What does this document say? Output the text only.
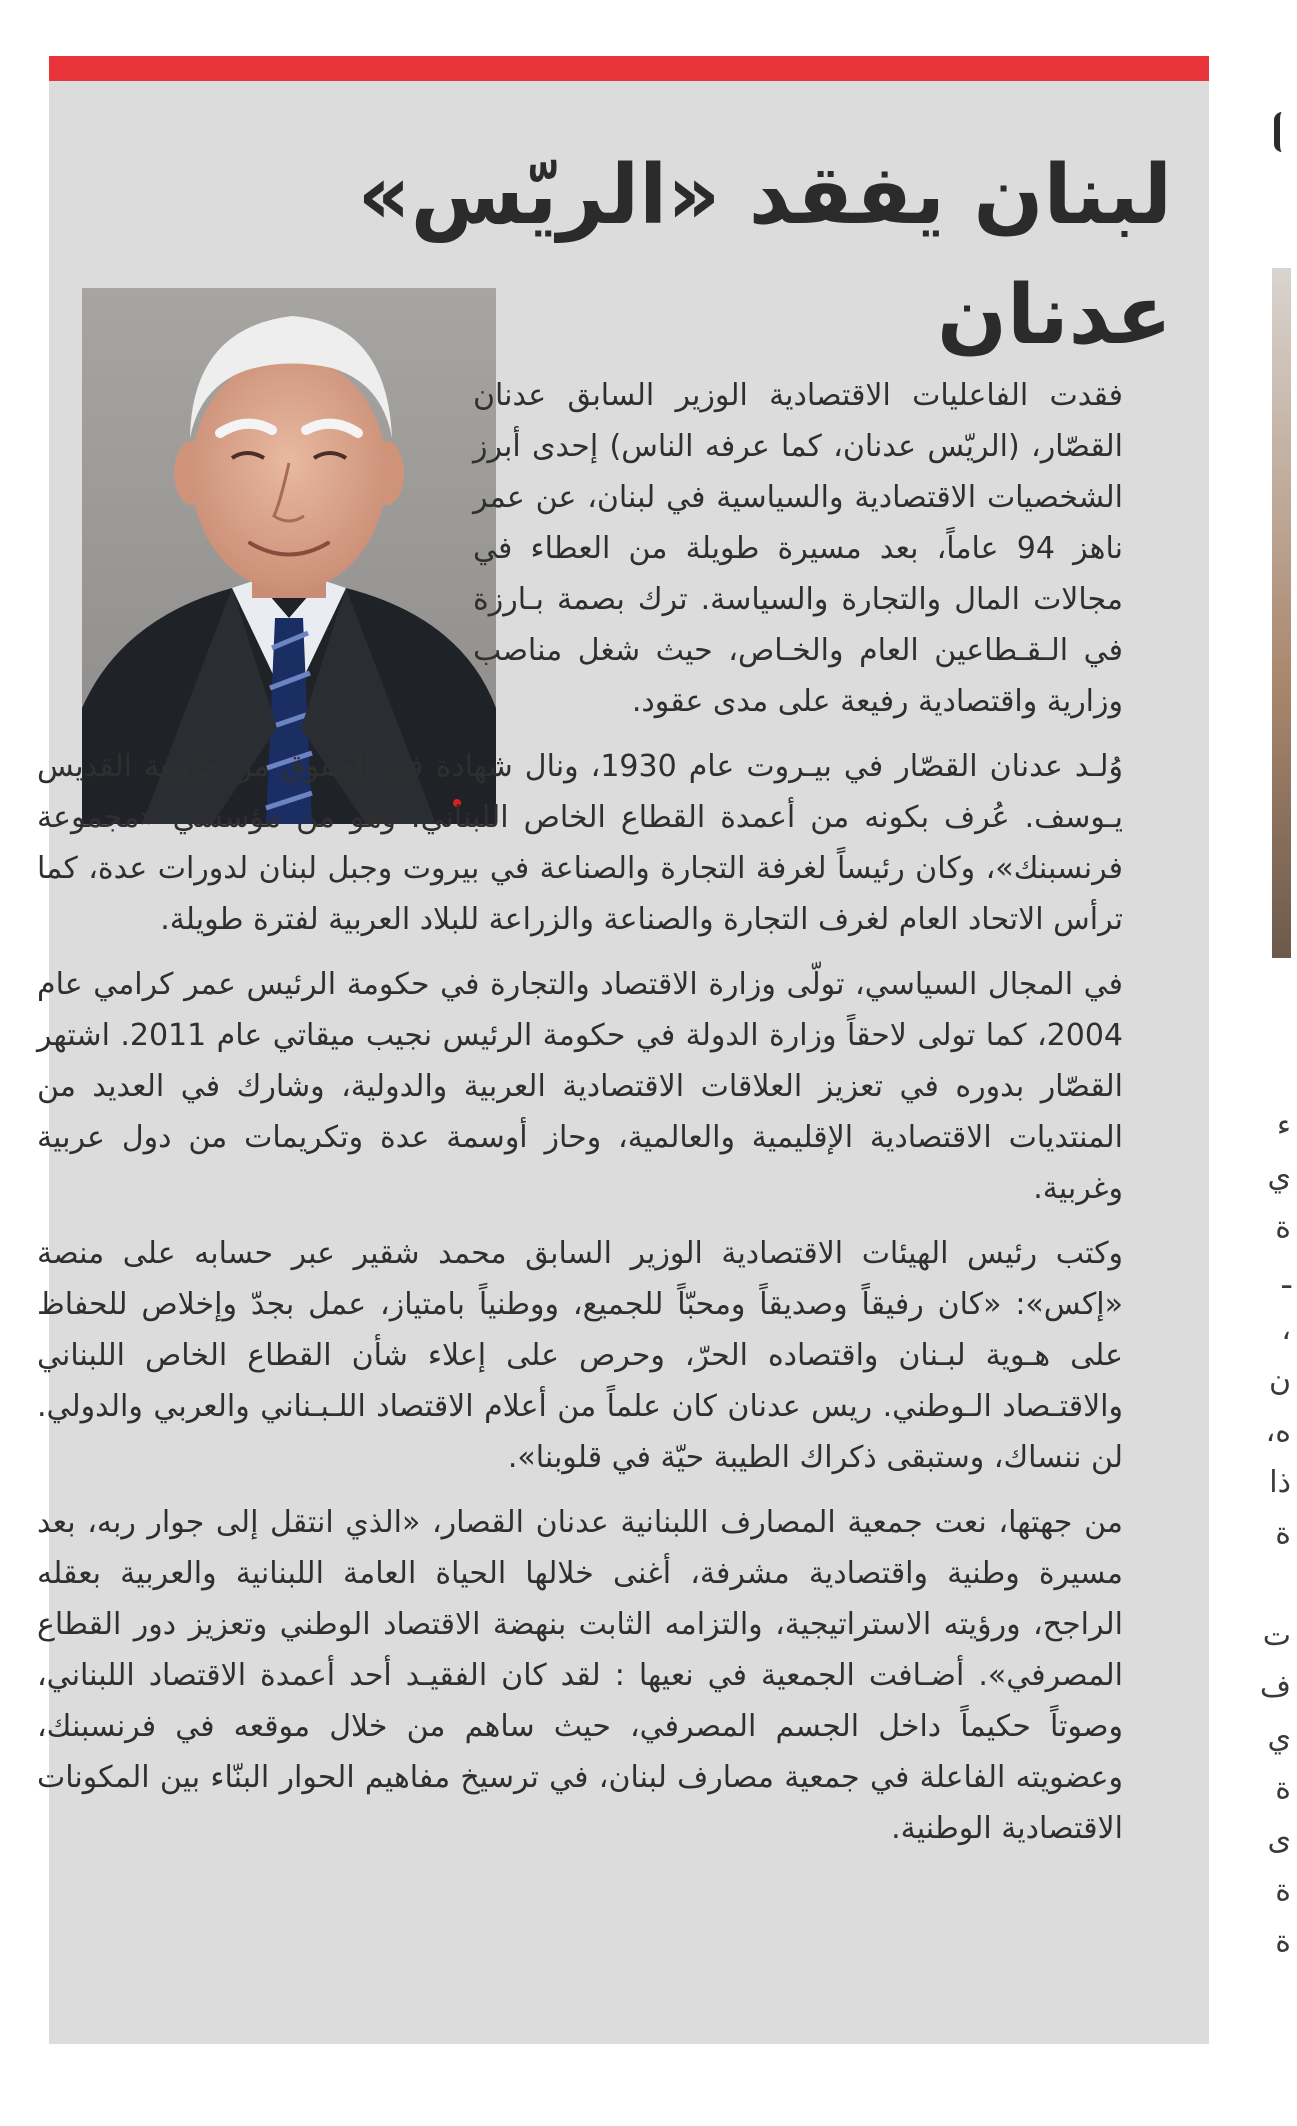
لبنان يفقد «الريّس» عدنان

فقدت الفاعليات الاقتصادية الوزير السابق عدنان القصّار، (الريّس عدنان، كما عرفه الناس) إحدى أبرز الشخصيات الاقتصادية والسياسية في لبنان، عن عمر ناهز 94 عاماً، بعد مسيرة طويلة من العطاء في مجالات المال والتجارة والسياسة. ترك بصمة بـارزة في الـقـطاعين العام والخـاص، حيث شغل مناصب وزارية واقتصادية رفيعة على مدى عقود.

وُلـد عدنان القصّار في بيـروت عام 1930، ونال شهادة في الحقوق من جامعة القديس يـوسف. عُرف بكونه من أعمدة القطاع الخاص اللبناني، وهو من مؤسسي «مجموعة فرنسبنك»، وكان رئيساً لغرفة التجارة والصناعة في بيروت وجبل لبنان لدورات عدة، كما ترأس الاتحاد العام لغرف التجارة والصناعة والزراعة للبلاد العربية لفترة طويلة.

في المجال السياسي، تولّى وزارة الاقتصاد والتجارة في حكومة الرئيس عمر كرامي عام 2004، كما تولى لاحقاً وزارة الدولة في حكومة الرئيس نجيب ميقاتي عام 2011. اشتهر القصّار بدوره في تعزيز العلاقات الاقتصادية العربية والدولية، وشارك في العديد من المنتديات الاقتصادية الإقليمية والعالمية، وحاز أوسمة عدة وتكريمات من دول عربية وغربية.

وكتب رئيس الهيئات الاقتصادية الوزير السابق محمد شقير عبر حسابه على منصة «إكس»: «كان رفيقاً وصديقاً ومحبّاً للجميع، ووطنياً بامتياز، عمل بجدّ وإخلاص للحفاظ على هـوية لبـنان واقتصاده الحرّ، وحرص على إعلاء شأن القطاع الخاص اللبناني والاقتـصاد الـوطني. ريس عدنان كان علماً من أعلام الاقتصاد اللـبـناني والعربي والدولي. لن ننساك، وستبقى ذكراك الطيبة حيّة في قلوبنا».

من جهتها، نعت جمعية المصارف اللبنانية عدنان القصار، «الذي انتقل إلى جوار ربه، بعد مسيرة وطنية واقتصادية مشرفة، أغنى خلالها الحياة العامة اللبنانية والعربية بعقله الراجح، ورؤيته الاستراتيجية، والتزامه الثابت بنهضة الاقتصاد الوطني وتعزيز دور القطاع المصرفي». أضـافت الجمعية في نعيها : لقد كان الفقيـد أحد أعمدة الاقتصاد اللبناني، وصوتاً حكيماً داخل الجسم المصرفي، حيث ساهم من خلال موقعه في فرنسبنك، وعضويته الفاعلة في جمعية مصارف لبنان، في ترسيخ مفاهيم الحوار البنّاء بين المكونات الاقتصادية الوطنية.

ء
ي
ة
ـ
،
ن
ه،
ذا
ة

ت
ف
ي
ة
ى
ة
ة
